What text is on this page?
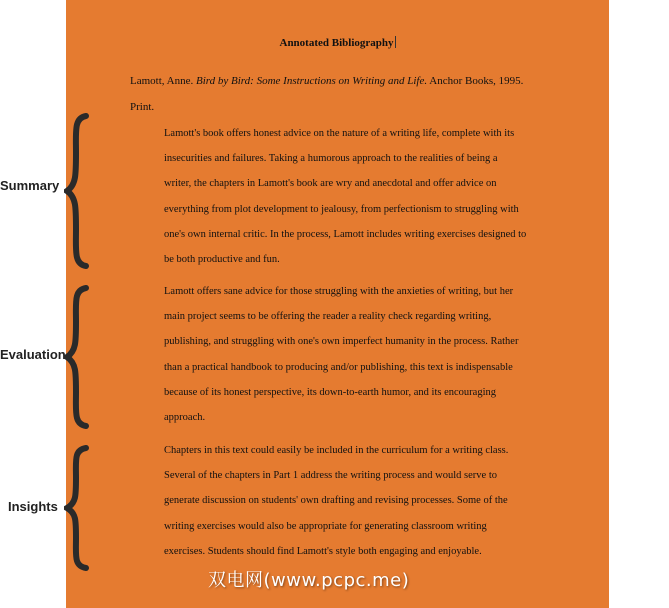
Annotated Bibliography
Lamott, Anne. Bird by Bird: Some Instructions on Writing and Life. Anchor Books, 1995.
Print.
Lamott's book offers honest advice on the nature of a writing life, complete with its
insecurities and failures. Taking a humorous approach to the realities of being a
writer, the chapters in Lamott's book are wry and anecdotal and offer advice on
everything from plot development to jealousy, from perfectionism to struggling with
one's own internal critic. In the process, Lamott includes writing exercises designed to
be both productive and fun.
Lamott offers sane advice for those struggling with the anxieties of writing, but her
main project seems to be offering the reader a reality check regarding writing,
publishing, and struggling with one's own imperfect humanity in the process. Rather
than a practical handbook to producing and/or publishing, this text is indispensable
because of its honest perspective, its down-to-earth humor, and its encouraging
approach.
Chapters in this text could easily be included in the curriculum for a writing class.
Several of the chapters in Part 1 address the writing process and would serve to
generate discussion on students' own drafting and revising processes. Some of the
writing exercises would also be appropriate for generating classroom writing
exercises. Students should find Lamott's style both engaging and enjoyable.
Summary
Evaluation
Insights
双电网(www.pcpc.me)
